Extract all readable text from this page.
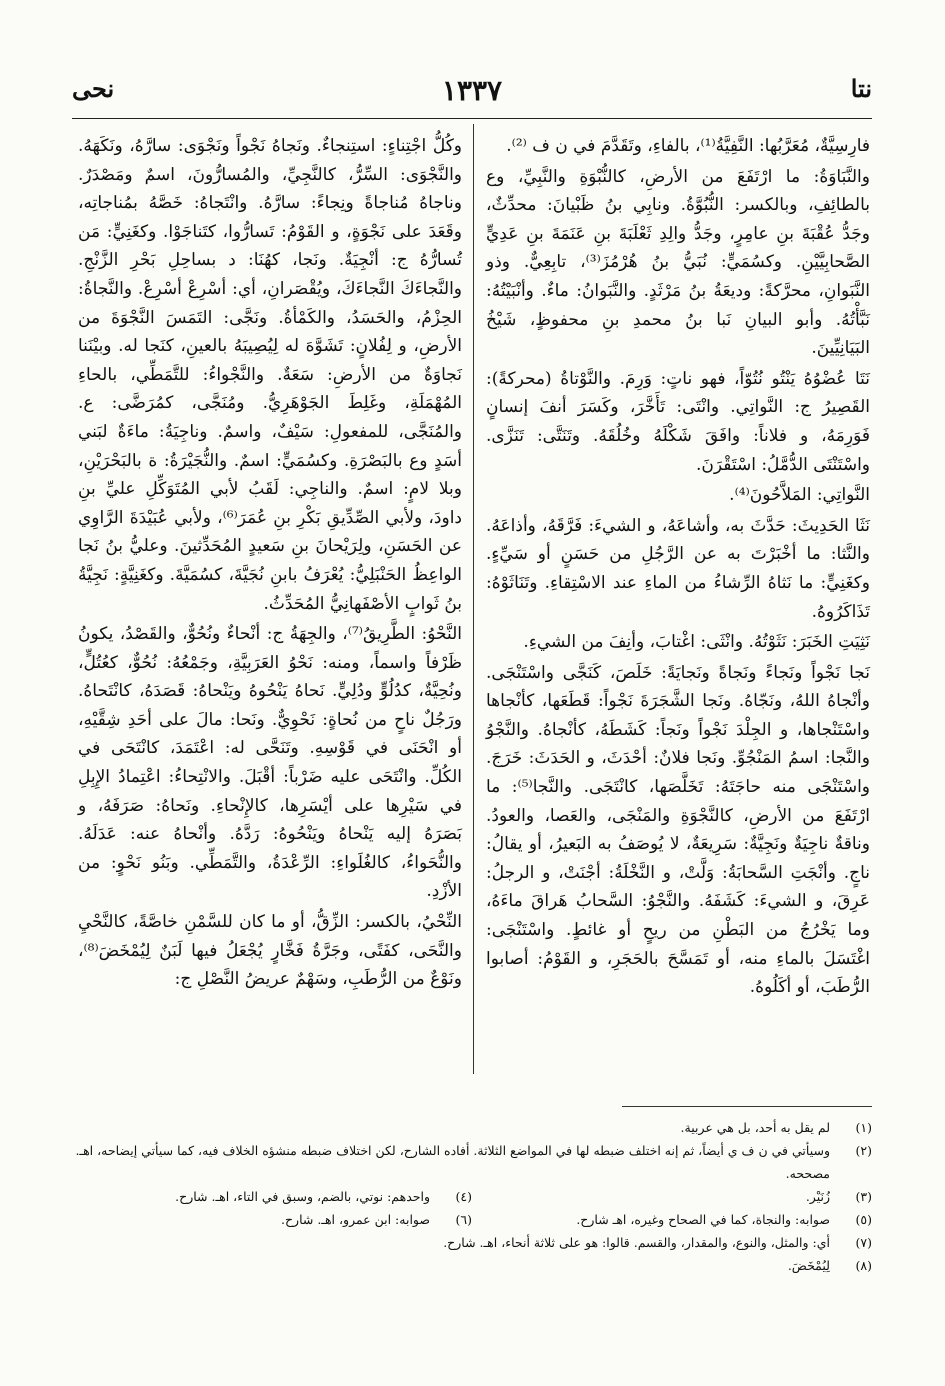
نتا
١٣٣٧
نحى

فارِسِيَّةٌ، مُعَرَّبُها: النَّفِيَّةُ⁽¹⁾، بالفاءِ، وتَقَدَّمَ في ن ف ⁽²⁾.

والنَّبَاوَةُ: ما ارْتَفَعَ من الأرضِ، كالنُّبْوَةِ والنَّبِيِّ، وع بالطائِفِ، وبالكسر: النُّبُوَّةُ. ونابِي بنُ ظَبْيانَ: محدِّثٌ، وجَدُّ عُقْبَةَ بنِ عامِرٍ، وجَدُّ والِدِ ثَعْلَبَةَ بنِ عَنَمَةَ بنِ عَدِيٍّ الصَّحابِيَّيْنِ. وكسُمَيٍّ: نُبَيُّ بنُ هُرْمُزَ⁽³⁾، تابِعِيٌّ. وذو النَّبَوانِ، محرَّكةً: وديعَةُ بنُ مَرْثَدٍ. والنَّبَوانُ: ماءٌ. وأنْبَيْتُهُ: نَبَّأْتُهُ. وأبو البيانِ نَبا بنُ محمدِ بنِ محفوظٍ، شَيْخُ البَيَانِيِّينَ.

نَتَا عُضْوُهُ يَنْتُو نُتُوّاً، فهو ناتٍ: وَرِمَ. والنَّوْتاةُ (محركةً): القَصِيرُ ج: النَّواتِي. وانْتَى: تَأَخَّرَ، وكَسَرَ أنفَ إنسانٍ فَوَرِمَهُ، و فلاناً: وافَقَ شَكْلَهُ وخُلُقَهُ. وتَنَتَّى: تَنَزَّى. واسْتَنْتَى الدُّمَّلُ: اسْتَقْرَنَ.

النَّواتِي: المَلاَّحُونَ⁽⁴⁾.

نَثَا الحَدِيثَ: حَدَّثَ به، وأشاعَهُ، و الشيءَ: فَرَّقَهُ، وأذاعَهُ. والنَّثا: ما أخْبَرْتَ به عن الرَّجُلِ من حَسَنٍ أو سَيِّءٍ. وكغَنِيٍّ: ما نَثاهُ الرِّشاءُ من الماءِ عند الاسْتِقاءِ. وتَنَاثَوْهُ: تَذَاكَرُوهُ.

نَثِيَتِ الخَبَرَ: نَثَوْتُهُ. وانْثَى: اغْتابَ، وأنِفَ من الشيءِ.

نَجا نَجْواً ونَجاءً ونَجاةً ونَجايَةً: خَلَصَ، كَنَجَّى واسْتَنْجَى. وأنْجاهُ اللهُ، ونَجّاهُ. ونَجا الشَّجَرَةَ نَجْواً: قَطَعَها، كأنْجاها واسْتَنْجاها، و الجِلْدَ نَجْواً ونَجاً: كَشَطَهُ، كأنْجاهُ. والنَّجْوُ والنَّجا: اسمُ المَنْجُوِّ. ونَجا فلانٌ: أحْدَثَ، و الحَدَثَ: خَرَجَ. واسْتَنْجَى منه حاجَتَهُ: تَخَلَّصَها، كانْتَجَى. والنَّجا⁽⁵⁾: ما ارْتَفَعَ من الأرضِ، كالنَّجْوَةِ والمَنْجَى، والعَصا، والعودُ. وناقةٌ ناجِيَةٌ ونَجِيَّةٌ: سَرِيعَةٌ، لا يُوصَفُ به البَعيرُ، أو يقالُ: ناجٍ. وأنْجَتِ السَّحابَةُ: وَلَّتْ، و النَّخْلَةُ: أجْنَتْ، و الرجلُ: عَرِقَ، و الشيءَ: كَشَفَهُ. والنَّجْوُ: السَّحابُ هَراقَ ماءَهُ، وما يَخْرُجُ من البَطْنِ من ريحٍ أو غائطٍ. واسْتَنْجَى: اغْتَسَلَ بالماءِ منه، أو تَمَسَّحَ بالحَجَرِ، و القَوْمُ: أصابوا الرُّطَبَ، أو أكَلُوهُ.

وكُلُّ اجْتِناءٍ: استِنجاءٌ. ونَجاهُ نَجْواً ونَجْوَى: سارَّهُ، ونَكَهَهُ. والنَّجْوَى: السِّرُّ، كالنَّجِيِّ، والمُسارُّونَ، اسمٌ ومَصْدَرٌ. وناجاهُ مُناجاةً ونِجاءً: سارَّهُ. وانْتَجاهُ: خَصَّهُ بمُناجاتِه، وقَعَدَ على نَجْوَةٍ، و القَوْمُ: تَسارُّوا، كتَناجَوْا. وكغَنِيٍّ: مَن تُسارُّهُ ج: أنْجِيَةٌ. ونَجا، كهُنَا: د بساحِلِ بَحْرِ الزَّنْجِ. والنَّجاءَكَ النَّجاءَكَ، ويُقْصَرانِ، أي: أسْرِعْ أسْرِعْ. والنَّجاةُ: الحِزْمُ، والحَسَدُ، والكَمْأةُ. ونَجَّى: التَمَسَ النَّجْوَةَ من الأرضِ، و لِفُلانٍ: تَشَوَّهَ له لِيُصِيبَهُ بالعينِ، كنَجا له. وبيْنَنا نَجاوَةٌ من الأرضِ: سَعَةٌ. والنَّجْواءُ: للتَّمَطِّي، بالحاءِ المُهْمَلَةِ، وغَلِطَ الجَوْهَرِيُّ. ومُنَجَّى، كمُرَضَّى: ع. والمُنَجَّى، للمفعولِ: سَيْفٌ، واسمٌ. وناجِيَةُ: ماءَةٌ لبَني أسَدٍ وع بالبَصْرَةِ. وكسُمَيٍّ: اسمٌ. والنُّجَيْرَةُ: ة بالبَحْرَيْنِ، وبلا لامٍ: اسمٌ. والناجِي: لَقَبُ لأبي المُتَوَكِّلِ عليِّ بنِ داودَ، ولأبي الصِّدِّيقِ بَكْرِ بنِ عُمَرَ⁽⁶⁾، ولأبي عُبَيْدَةَ الرَّاوِي عن الحَسَنِ، ولِرَيْحانَ بنِ سَعيدٍ المُحَدِّثينَ. وعليُّ بنُ نَجا الواعِظُ الحَنْبَلِيُّ: يُعْرَفُ بابنِ نُجَيَّةَ، كسُمَيَّةَ. وكغَنِيَّةٍ: نَجِيَّةُ بنُ ثَوابٍ الأصْفَهانِيُّ المُحَدِّثُ.

النَّحْوُ: الطَّرِيقُ⁽⁷⁾، والجِهَةُ ج: أنْحاءٌ ونُحُوٌّ، والقَصْدُ، يكونُ ظَرْفاً واسماً، ومنه: نَحْوُ العَرَبِيَّةِ، وجَمْعُهُ: نُحُوٌّ، كعُتُلٍّ، ونُحِيَّةٌ، كدُلُوٍّ ودُلِيٍّ. نَحاهُ يَنْحُوهُ ويَنْحاهُ: قَصَدَهُ، كانْتَحاهُ. ورَجُلٌ ناحٍ من نُحاةٍ: نَحْوِيٌّ. ونَحا: مالَ على أحَدِ شِقَّيْهِ، أو انْحَنَى في قَوْسِهِ. وتَنَحَّى له: اعْتَمَدَ، كانْتَحَى في الكُلِّ. وانْتَحَى عليه ضَرْباً: أقْبَلَ. والانْتِحاءُ: اعْتِمادُ الإِبِلِ في سَيْرِها على أيْسَرِها، كالإِنْحاءِ. ونَحاهُ: صَرَفَهُ، و بَصَرَهُ إليه يَنْحاهُ ويَنْحُوهُ: رَدَّهُ. وأنْحاهُ عنه: عَدَلَهُ. والنُّحَواءُ، كالغُلَواءِ: الرِّعْدَةُ، والتَّمَطِّي. وبَنُو نَحْوٍ: من الأزْدِ.

النِّحْيُ، بالكسر: الزِّقُّ، أو ما كان للسَّمْنِ خاصَّةً، كالنَّحْيِ والنَّحَى، كفَتًى، وجَرَّةُ فَخَّارٍ يُجْعَلُ فيها لَبَنٌ لِيُمْخَضَ⁽⁸⁾، ونَوْعٌ من الرُّطَبِ، وسَهْمٌ عريضُ النَّصْلِ ج:

(١)
لم يقل به أحد، بل هي عربية.
(٢)
وسيأتي في ن ف ي أيضاً، ثم إنه اختلف ضبطه لها في المواضع الثلاثة. أفاده الشارح، لكن اختلاف ضبطه منشؤه الخلاف فيه، كما سيأتي إيضاحه، اهـ. مصححه.
(٣)
زُنَيْر.
(٤)
واحدهم: نوتي، بالضم، وسبق في التاء، اهـ. شارح.
(٥)
صوابه: والنجاة، كما في الصحاح وغيره، اهـ شارح.
(٦)
صوابه: ابن عمرو، اهـ. شارح.
(٧)
أي: والمثل، والنوع، والمقدار، والقسم. قالوا: هو على ثلاثة أنحاء، اهـ. شارح.
(٨)
لِيُمْخَضَ.
